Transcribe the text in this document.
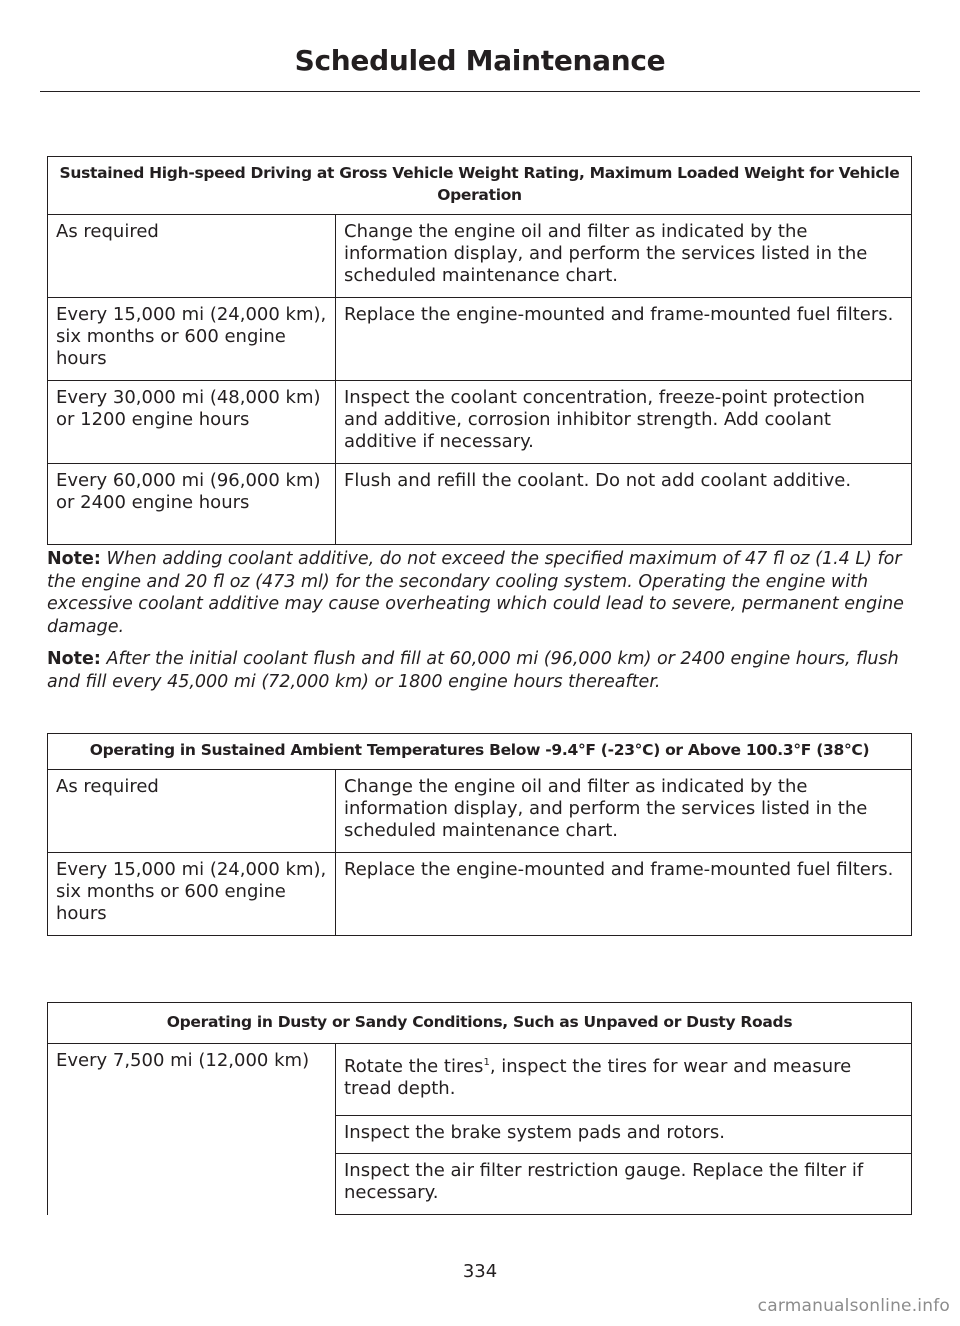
Scheduled Maintenance
Sustained High-speed Driving at Gross Vehicle Weight Rating, Maximum Loaded Weight for Vehicle Operation	
As required	Change the engine oil and filter as indicated by the information display, and perform the services listed in the scheduled maintenance chart.
Every 15,000 mi (24,000 km), six months or 600 engine hours	Replace the engine-mounted and frame-mounted fuel filters.
Every 30,000 mi (48,000 km) or 1200 engine hours	Inspect the coolant concentration, freeze-point protection and additive, corrosion inhibitor strength. Add coolant additive if necessary.
Every 60,000 mi (96,000 km) or 2400 engine hours	Flush and refill the coolant. Do not add coolant additive.
Note: When adding coolant additive, do not exceed the specified maximum of 47 fl oz (1.4 L) for the engine and 20 fl oz (473 ml) for the secondary cooling system. Operating the engine with excessive coolant additive may cause overheating which could lead to severe, permanent engine damage.
Note: After the initial coolant flush and fill at 60,000 mi (96,000 km) or 2400 engine hours, flush and fill every 45,000 mi (72,000 km) or 1800 engine hours thereafter.
Operating in Sustained Ambient Temperatures Below -9.4°F (-23°C) or Above 100.3°F (38°C)	
As required	Change the engine oil and filter as indicated by the information display, and perform the services listed in the scheduled maintenance chart.
Every 15,000 mi (24,000 km), six months or 600 engine hours	Replace the engine-mounted and frame-mounted fuel filters.
Operating in Dusty or Sandy Conditions, Such as Unpaved or Dusty Roads
Every 7,500 mi (12,000 km)	Rotate the tires$^1$, inspect the tires for wear and measure tread depth.
Inspect the brake system pads and rotors.
Inspect the air filter restriction gauge. Replace the filter if necessary.
334
carmanualsonline.info
